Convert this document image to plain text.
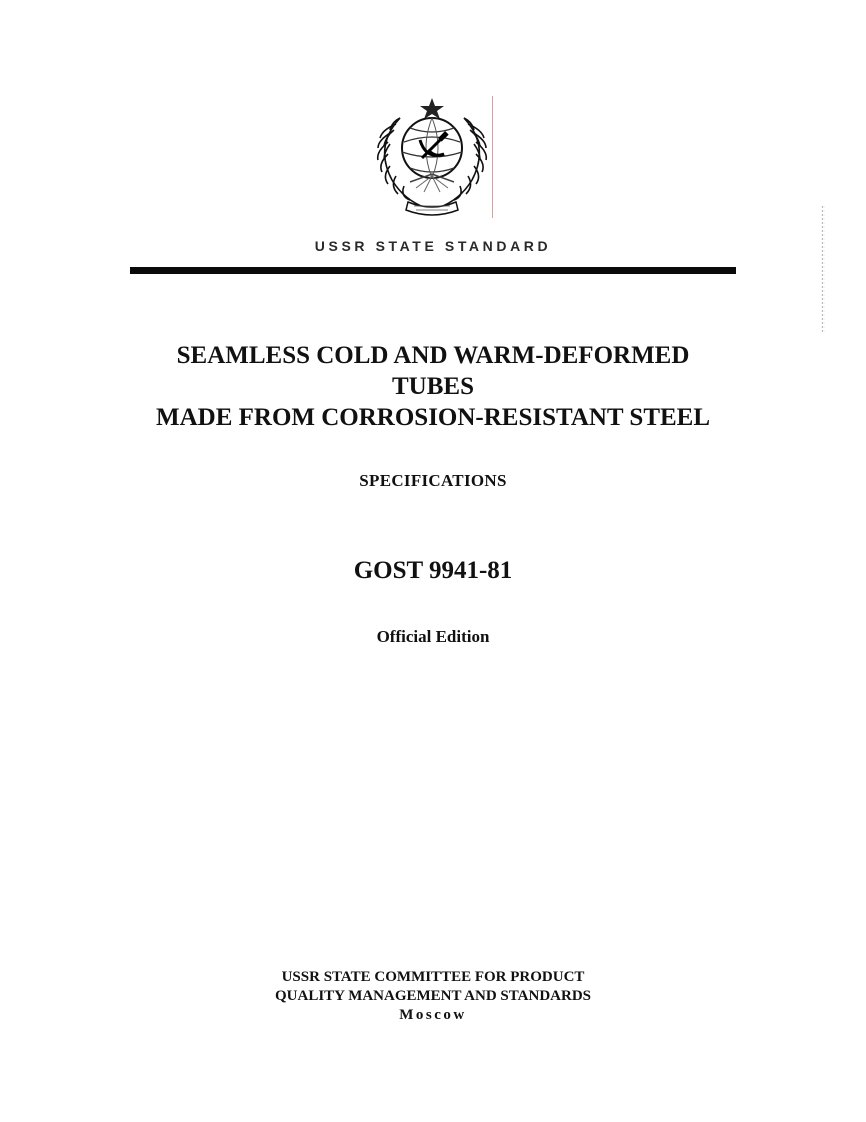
USSR STATE STANDARD
SEAMLESS COLD AND WARM-DEFORMED
TUBES
MADE FROM CORROSION-RESISTANT STEEL
SPECIFICATIONS
GOST 9941-81
Official Edition
USSR STATE COMMITTEE FOR PRODUCT
QUALITY MANAGEMENT AND STANDARDS
Moscow
